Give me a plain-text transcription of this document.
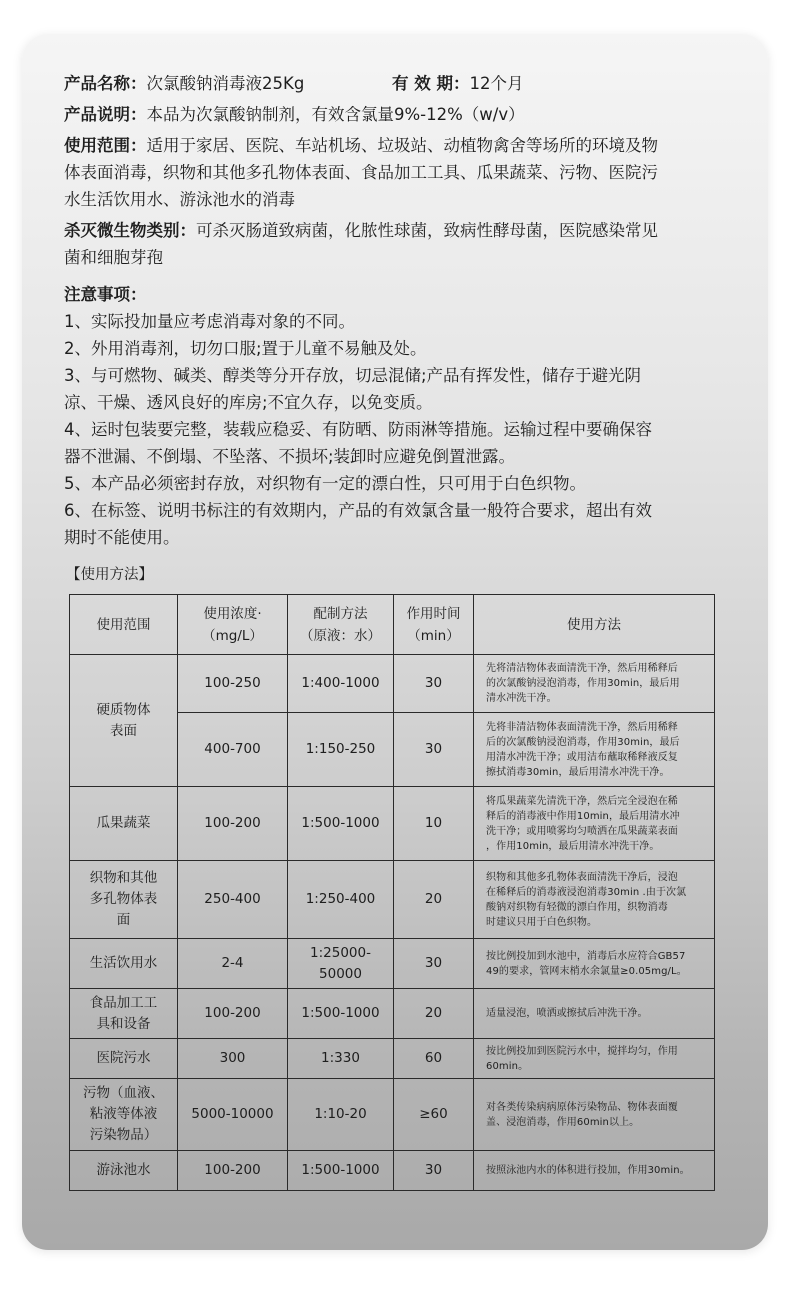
产品名称：次氯酸钠消毒液25Kg	有 效 期：12个月

产品说明：本品为次氯酸钠制剂，有效含氯量9%-12%（w/v）

使用范围：适用于家居、医院、车站机场、垃圾站、动植物禽舍等场所的环境及物

体表面消毒，织物和其他多孔物体表面、食品加工工具、瓜果蔬菜、污物、医院污

水生活饮用水、游泳池水的消毒

杀灭微生物类别：可杀灭肠道致病菌，化脓性球菌，致病性酵母菌，医院感染常见

菌和细胞芽孢

注意事项：

1、实际投加量应考虑消毒对象的不同。

2、外用消毒剂，切勿口服;置于儿童不易触及处。

3、与可燃物、碱类、醇类等分开存放，切忌混储;产品有挥发性，储存于避光阴

凉、干燥、透风良好的库房;不宜久存，以免变质。

4、运时包装要完整，装载应稳妥、有防晒、防雨淋等措施。运输过程中要确保容

器不泄漏、不倒塌、不坠落、不损坏;装卸时应避免倒置泄露。

5、本产品必须密封存放，对织物有一定的漂白性，只可用于白色织物。

6、在标签、说明书标注的有效期内，产品的有效氯含量一般符合要求，超出有效

期时不能使用。

【使用方法】
使用范围	使用浓度·
（mg/L）	配制方法
（原液：水）	作用时间
（min）	使用方法
硬质物体
表面	100-250	1:400-1000	30	先将清洁物体表面清洗干净，然后用稀释后
的次氯酸钠浸泡消毒，作用30min，最后用
清水冲洗干净。
	400-700	1:150-250	30	先将非清洁物体表面清洗干净，然后用稀释
后的次氯酸钠浸泡消毒，作用30min，最后
用清水冲洗干净；或用洁布蘸取稀释液反复
擦拭消毒30min，最后用清水冲洗干净。
瓜果蔬菜	100-200	1:500-1000	10	将瓜果蔬菜先清洗干净，然后完全浸泡在稀
释后的消毒液中作用10min，最后用清水冲
洗干净；或用喷雾均匀喷洒在瓜果蔬菜表面
，作用10min，最后用清水冲洗干净。
织物和其他
多孔物体表
面	250-400	1:250-400	20	织物和其他多孔物体表面清洗干净后，浸泡
在稀释后的消毒液浸泡消毒30min .由于次氯
酸钠对织物有轻微的漂白作用，织物消毒
时建议只用于白色织物。
生活饮用水	2-4	1:25000-50000	30	按比例投加到水池中，消毒后水应符合GB57
49的要求，管网末梢水余氯量≥0.05mg/L。
食品加工工
具和设备	100-200	1:500-1000	20	适量浸泡，喷洒或擦拭后冲洗干净。
医院污水	300	1:330	60	按比例投加到医院污水中，搅拌均匀，作用
60min。
污物（血液、
粘液等体液
污染物品）	5000-10000	1:10-20	≥60	对各类传染病病原体污染物品、物体表面覆
盖、浸泡消毒，作用60min以上。
游泳池水	100-200	1:500-1000	30	按照泳池内水的体积进行投加，作用30min。
